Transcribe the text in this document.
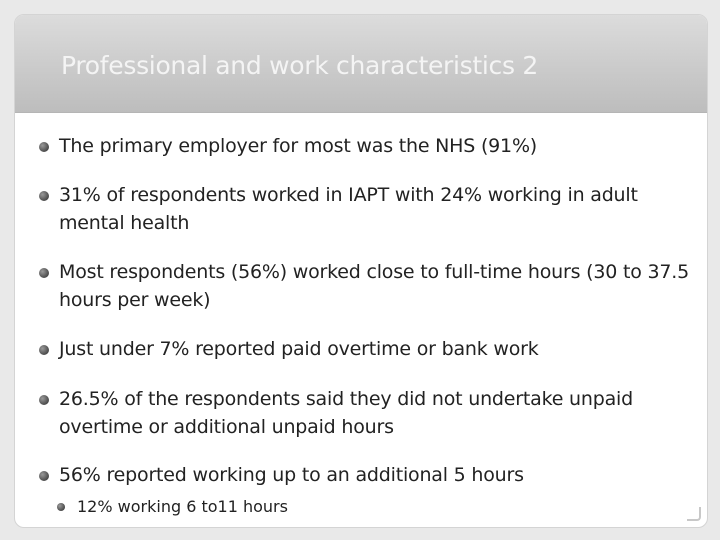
Professional and work characteristics 2
The primary employer for most was the NHS (91%)
31% of respondents worked in IAPT with 24% working in adult mental health
Most respondents (56%) worked close to full-time hours (30 to 37.5 hours per week)
Just under 7% reported paid overtime or bank work
26.5% of the respondents said they did not undertake unpaid overtime or additional unpaid hours
56% reported working up to an additional 5 hours
12% working 6 to11 hours
